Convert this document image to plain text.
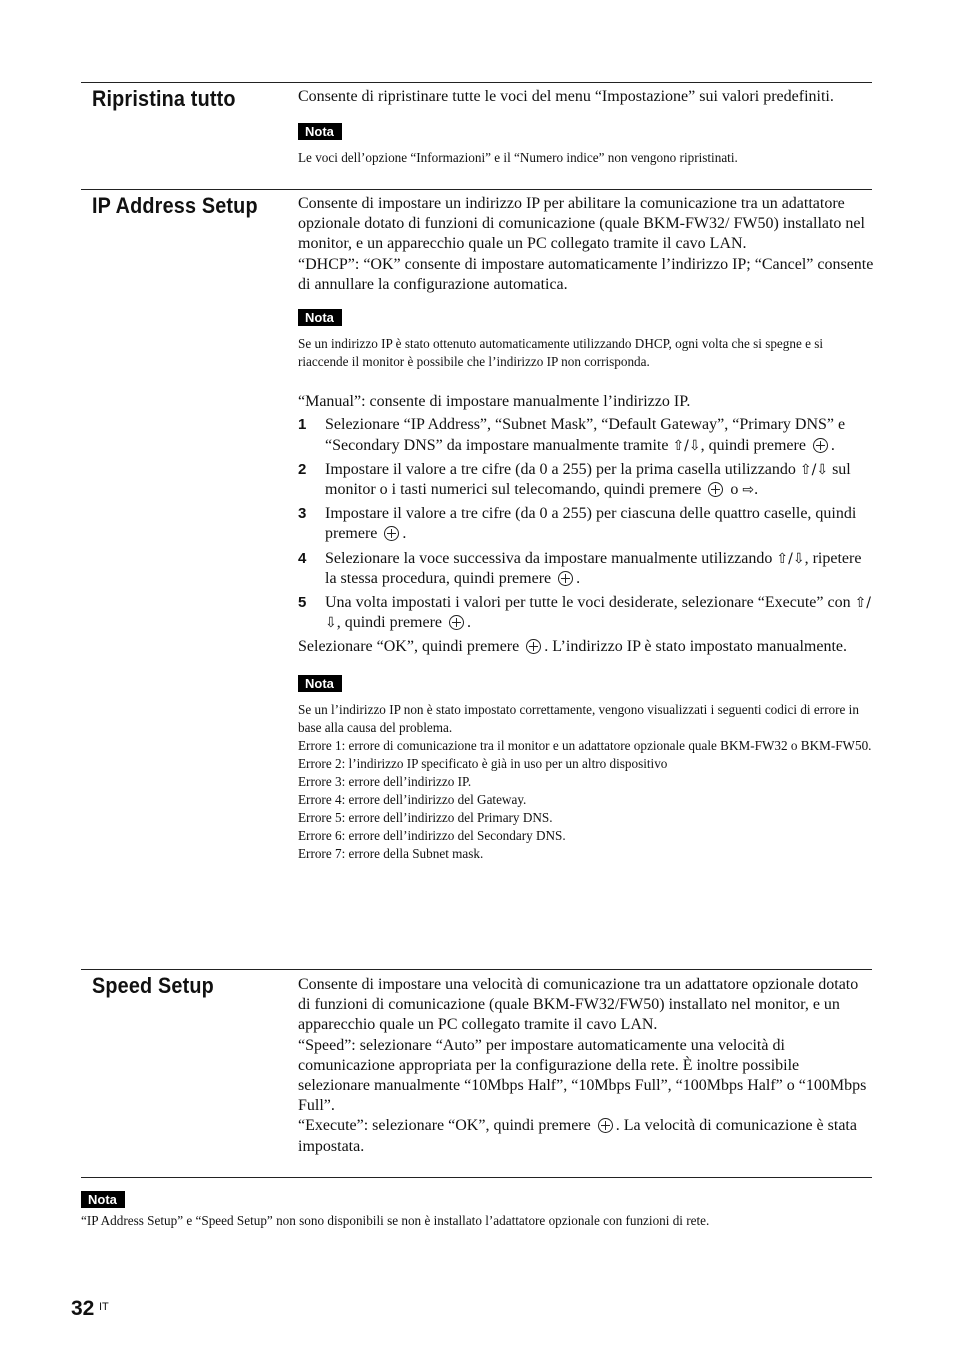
Ripristina tutto	Consente di ripristinare tutte le voci del menu “Impostazione” sui valori predefiniti.

Nota

Le voci dell’opzione “Informazioni” e il “Numero indice” non vengono ripristinati.

IP Address Setup	Consente di impostare un indirizzo IP per abilitare la comunicazione tra un adattatore opzionale dotato di funzioni di comunicazione (quale BKM-FW32/ FW50) installato nel monitor, e un apparecchio quale un PC collegato tramite il cavo LAN.

“DHCP”: “OK” consente di impostare automaticamente l’indirizzo IP; “Cancel” consente di annullare la configurazione automatica.

Nota

Se un indirizzo IP è stato ottenuto automaticamente utilizzando DHCP, ogni volta che si spegne e si riaccende il monitor è possibile che l’indirizzo IP non corrisponda.

“Manual”: consente di impostare manualmente l’indirizzo IP.

1 Selezionare “IP Address”, “Subnet Mask”, “Default Gateway”, “Primary DNS” e “Secondary DNS” da impostare manualmente tramite ⇧/⇩, quindi premere .
2 Impostare il valore a tre cifre (da 0 a 255) per la prima casella utilizzando ⇧/⇩ sul monitor o i tasti numerici sul telecomando, quindi premere  o ⇨.
3 Impostare il valore a tre cifre (da 0 a 255) per ciascuna delle quattro caselle, quindi premere .
4 Selezionare la voce successiva da impostare manualmente utilizzando ⇧/⇩, ripetere la stessa procedura, quindi premere .
5 Una volta impostati i valori per tutte le voci desiderate, selezionare “Execute” con ⇧/⇩, quindi premere .

Selezionare “OK”, quindi premere . L’indirizzo IP è stato impostato manualmente.

Nota

Se un l’indirizzo IP non è stato impostato correttamente, vengono visualizzati i seguenti codici di errore in base alla causa del problema.

Errore 1: errore di comunicazione tra il monitor e un adattatore opzionale quale BKM-FW32 o BKM-FW50.

Errore 2: l’indirizzo IP specificato è già in uso per un altro dispositivo

Errore 3: errore dell’indirizzo IP.

Errore 4: errore dell’indirizzo del Gateway.

Errore 5: errore dell’indirizzo del Primary DNS.

Errore 6: errore dell’indirizzo del Secondary DNS.

Errore 7: errore della Subnet mask.

Speed Setup	Consente di impostare una velocità di comunicazione tra un adattatore opzionale dotato di funzioni di comunicazione (quale BKM-FW32/FW50) installato nel monitor, e un apparecchio quale un PC collegato tramite il cavo LAN.

“Speed”: selezionare “Auto” per impostare automaticamente una velocità di comunicazione appropriata per la configurazione della rete. È inoltre possibile selezionare manualmente “10Mbps Half”, “10Mbps Full”, “100Mbps Half” o “100Mbps Full”.

“Execute”: selezionare “OK”, quindi premere . La velocità di comunicazione è stata impostata.

Nota

“IP Address Setup” e “Speed Setup” non sono disponibili se non è installato l’adattatore opzionale con funzioni di rete.

32 IT
